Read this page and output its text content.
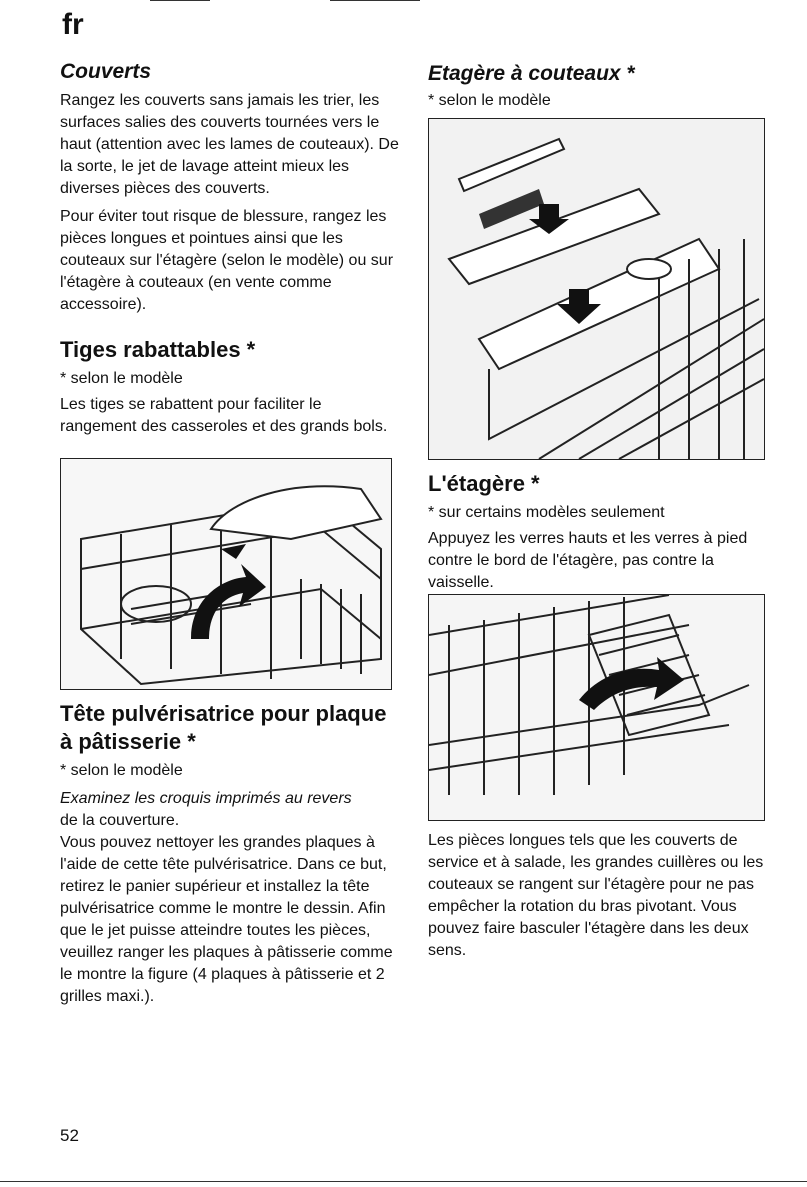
fr
Couverts

Rangez les couverts sans jamais les trier, les surfaces salies des couverts tournées vers le haut (attention avec les lames de couteaux). De la sorte, le jet de lavage atteint mieux les diverses pièces des couverts.

Pour éviter tout risque de blessure, rangez les pièces longues et pointues ainsi que les couteaux sur l'étagère (selon le modèle) ou sur l'étagère à couteaux (en vente comme accessoire).

Tiges rabattables *

* selon le modèle

Les tiges se rabattent pour faciliter le rangement des casseroles et des grands bols.

Tête pulvérisatrice pour plaque à pâtisserie *

* selon le modèle

Examinez les croquis imprimés au revers

de la couverture.

Vous pouvez nettoyer les grandes plaques à l'aide de cette tête pulvérisatrice. Dans ce but, retirez le panier supérieur et installez la tête pulvérisatrice comme le montre le dessin. Afin que le jet puisse atteindre toutes les pièces, veuillez ranger les plaques à pâtisserie comme le montre la figure (4 plaques à pâtisserie et 2 grilles maxi.).

52
Etagère à couteaux *

* selon le modèle

L'étagère *

* sur certains modèles seulement

Appuyez les verres hauts et les verres à pied contre le bord de l'étagère, pas contre la vaisselle.

Les pièces longues tels que les couverts de service et à salade, les grandes cuillères ou les couteaux se rangent sur l'étagère pour ne pas empêcher la rotation du bras pivotant. Vous pouvez faire basculer l'étagère dans les deux sens.
